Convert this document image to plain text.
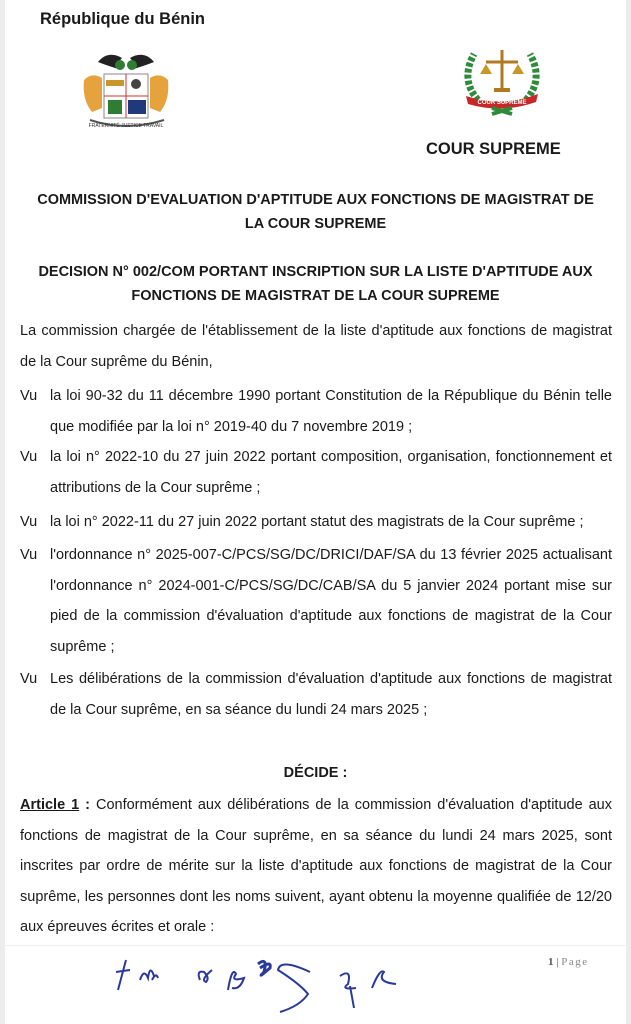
République du Bénin
FRATERNITÉ JUSTICE TRAVAIL
COUR SUPREME
COUR SUPREME
COMMISSION D'EVALUATION D'APTITUDE AUX FONCTIONS DE MAGISTRAT DE
LA COUR SUPREME
DECISION N° 002/COM PORTANT INSCRIPTION SUR LA LISTE D'APTITUDE AUX
FONCTIONS DE MAGISTRAT DE LA COUR SUPREME
La commission chargée de l'établissement de la liste d'aptitude aux fonctions de magistrat de la Cour suprême du Bénin,
Vu la loi 90-32 du 11 décembre 1990 portant Constitution de la République du Bénin telle que modifiée par la loi n° 2019-40 du 7 novembre 2019 ;
Vu la loi n° 2022-10 du 27 juin 2022 portant composition, organisation, fonctionnement et attributions de la Cour suprême ;
Vu la loi n° 2022-11 du 27 juin 2022 portant statut des magistrats de la Cour suprême ;
Vu l'ordonnance n° 2025-007-C/PCS/SG/DC/DRICI/DAF/SA du 13 février 2025 actualisant l'ordonnance n° 2024-001-C/PCS/SG/DC/CAB/SA du 5 janvier 2024 portant mise sur pied de la commission d'évaluation d'aptitude aux fonctions de magistrat de la Cour suprême ;
Vu Les délibérations de la commission d'évaluation d'aptitude aux fonctions de magistrat de la Cour suprême, en sa séance du lundi 24 mars 2025 ;
DÉCIDE :
Article 1 : Conformément aux délibérations de la commission d'évaluation d'aptitude aux fonctions de magistrat de la Cour suprême, en sa séance du lundi 24 mars 2025, sont inscrites par ordre de mérite sur la liste d'aptitude aux fonctions de magistrat de la Cour suprême, les personnes dont les noms suivent, ayant obtenu la moyenne qualifiée de 12/20 aux épreuves écrites et orale :
1 | Page
